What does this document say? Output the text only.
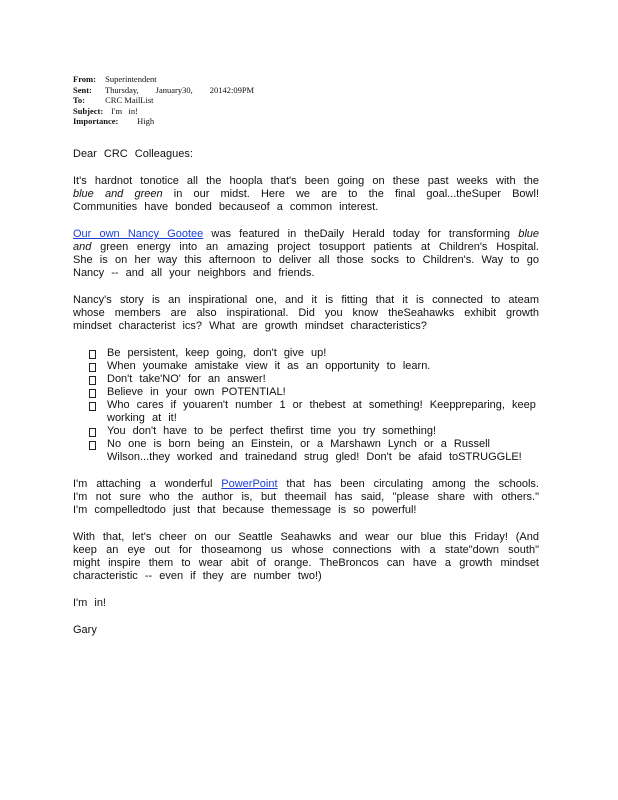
From: Superintendent
Sent: Thursday,        January30,        20142:09PM
To: CRC MailList
Subject: I'm   in!
Importance: High

Dear CRC Colleagues:

It's hardnot tonotice all the hoopla that's been going on these past weeks with the blue and green in our midst. Here we are to the final goal...theSuper Bowl! Communities have bonded becauseof a common interest.

Our own Nancy Gootee was featured in theDaily Herald today for transforming blue and green energy into an amazing project tosupport patients at Children's Hospital. She is on her way this afternoon to deliver all those socks to Children's. Way to go Nancy -- and all your neighbors and friends.

Nancy's story is an inspirational one, and it is fitting that it is connected to ateam whose members are also inspirational. Did you know theSeahawks exhibit growth mindset characterist ics? What are growth mindset characteristics?

Be persistent, keep going, don't give up!
When youmake amistake view it as an opportunity to learn.
Don't take'NO' for an answer!
Believe in your own POTENTIAL!
Who cares if youaren't number 1 or thebest at something! Keeppreparing, keep working at it!
You don't have to be perfect thefirst time you try something!
No one is born being an Einstein, or a Marshawn Lynch or a Russell Wilson...they worked and trainedand strug gled! Don't be afaid toSTRUGGLE!

I'm attaching a wonderful PowerPoint that has been circulating among the schools. I'm not sure who the author is, but theemail has said, "please share with others." I'm compelledtodo just that because themessage is so powerful!

With that, let's cheer on our Seattle Seahawks and wear our blue this Friday! (And keep an eye out for thoseamong us whose connections with a state"down south" might inspire them to wear abit of orange. TheBroncos can have a growth mindset characteristic -- even if they are number two!)

I'm in!

Gary
